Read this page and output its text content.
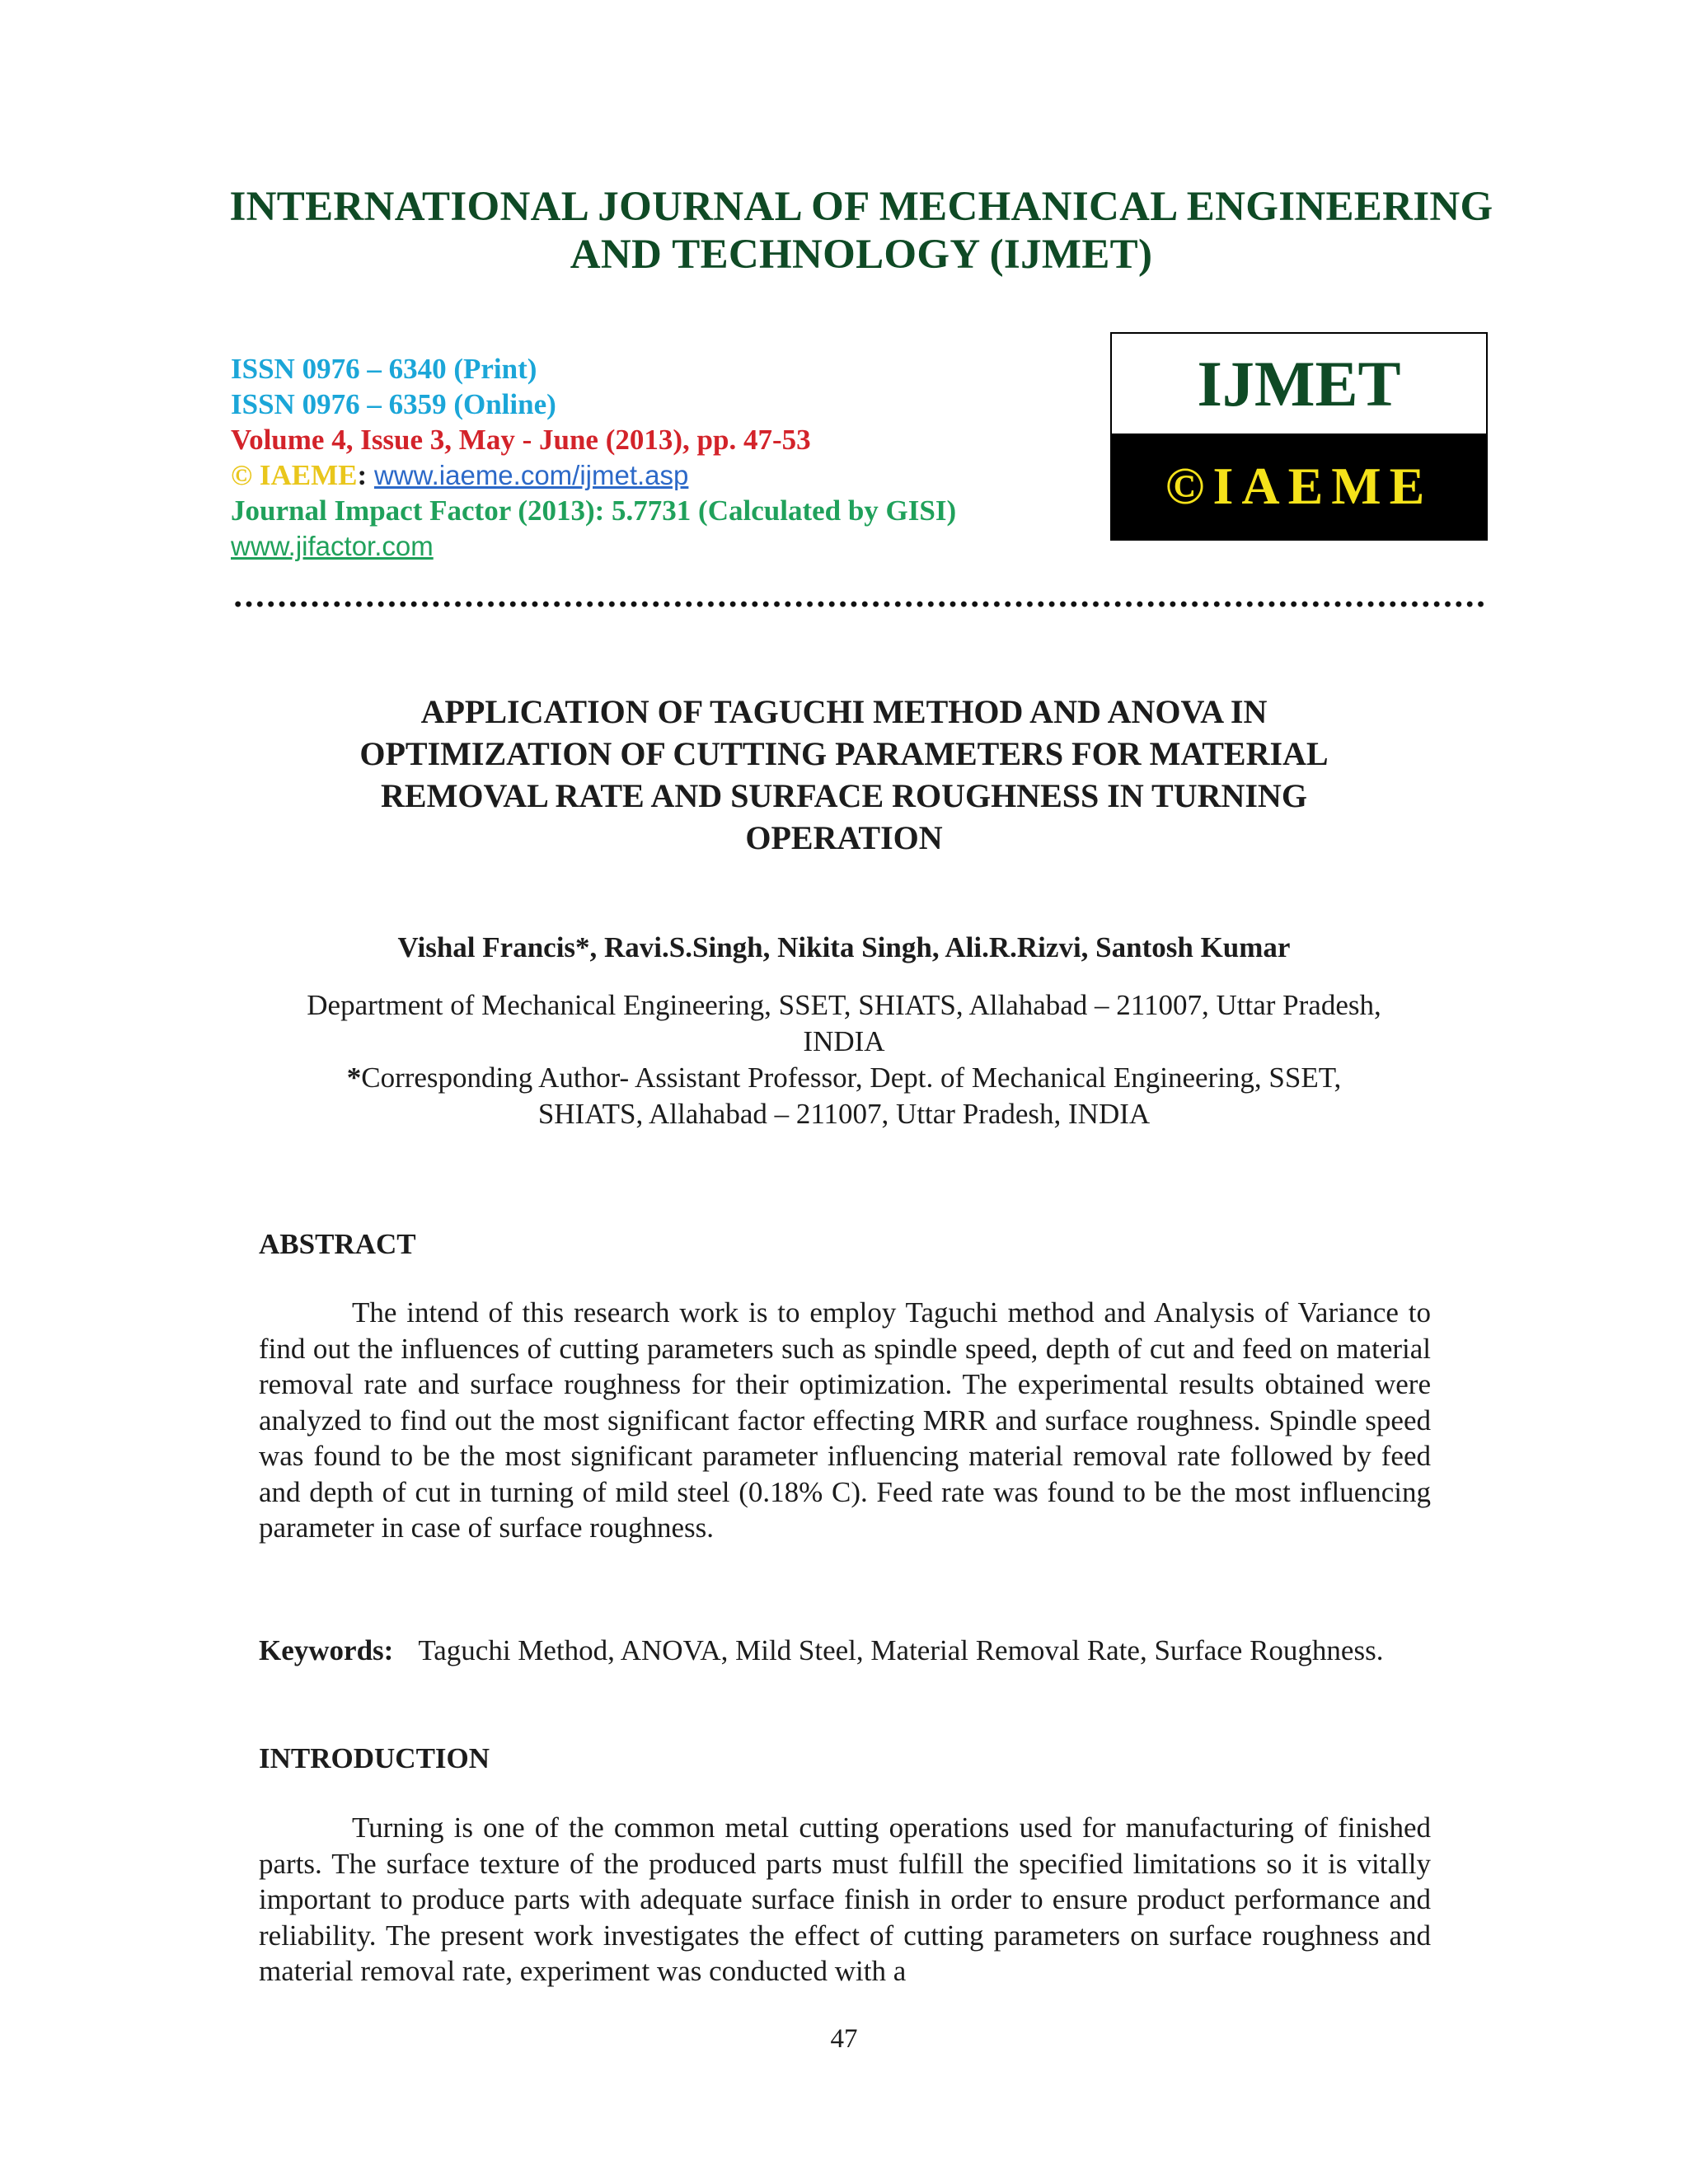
INTERNATIONAL JOURNAL OF MECHANICAL ENGINEERING
AND TECHNOLOGY (IJMET)
ISSN 0976 – 6340 (Print)
ISSN 0976 – 6359 (Online)
Volume 4, Issue 3, May - June (2013), pp. 47-53
© IAEME: www.iaeme.com/ijmet.asp
Journal Impact Factor (2013): 5.7731 (Calculated by GISI)
www.jifactor.com
IJMET
©IAEME
APPLICATION OF TAGUCHI METHOD AND ANOVA IN
OPTIMIZATION OF CUTTING PARAMETERS FOR MATERIAL
REMOVAL RATE AND SURFACE ROUGHNESS IN TURNING
OPERATION
Vishal Francis*, Ravi.S.Singh, Nikita Singh, Ali.R.Rizvi, Santosh Kumar
Department of Mechanical Engineering, SSET, SHIATS, Allahabad – 211007, Uttar Pradesh,
INDIA
*Corresponding Author- Assistant Professor, Dept. of Mechanical Engineering, SSET,
SHIATS, Allahabad – 211007, Uttar Pradesh, INDIA
ABSTRACT
The intend of this research work is to employ Taguchi method and Analysis of Variance to find out the influences of cutting parameters such as spindle speed, depth of cut and feed on material removal rate and surface roughness for their optimization. The experimental results obtained were analyzed to find out the most significant factor effecting MRR and surface roughness. Spindle speed was found to be the most significant parameter influencing material removal rate followed by feed and depth of cut in turning of mild steel (0.18% C). Feed rate was found to be the most influencing parameter in case of surface roughness.
Keywords: Taguchi Method, ANOVA, Mild Steel, Material Removal Rate, Surface Roughness.
INTRODUCTION
Turning is one of the common metal cutting operations used for manufacturing of finished parts. The surface texture of the produced parts must fulfill the specified limitations so it is vitally important to produce parts with adequate surface finish in order to ensure product performance and reliability. The present work investigates the effect of cutting parameters on surface roughness and material removal rate, experiment was conducted with a
47
